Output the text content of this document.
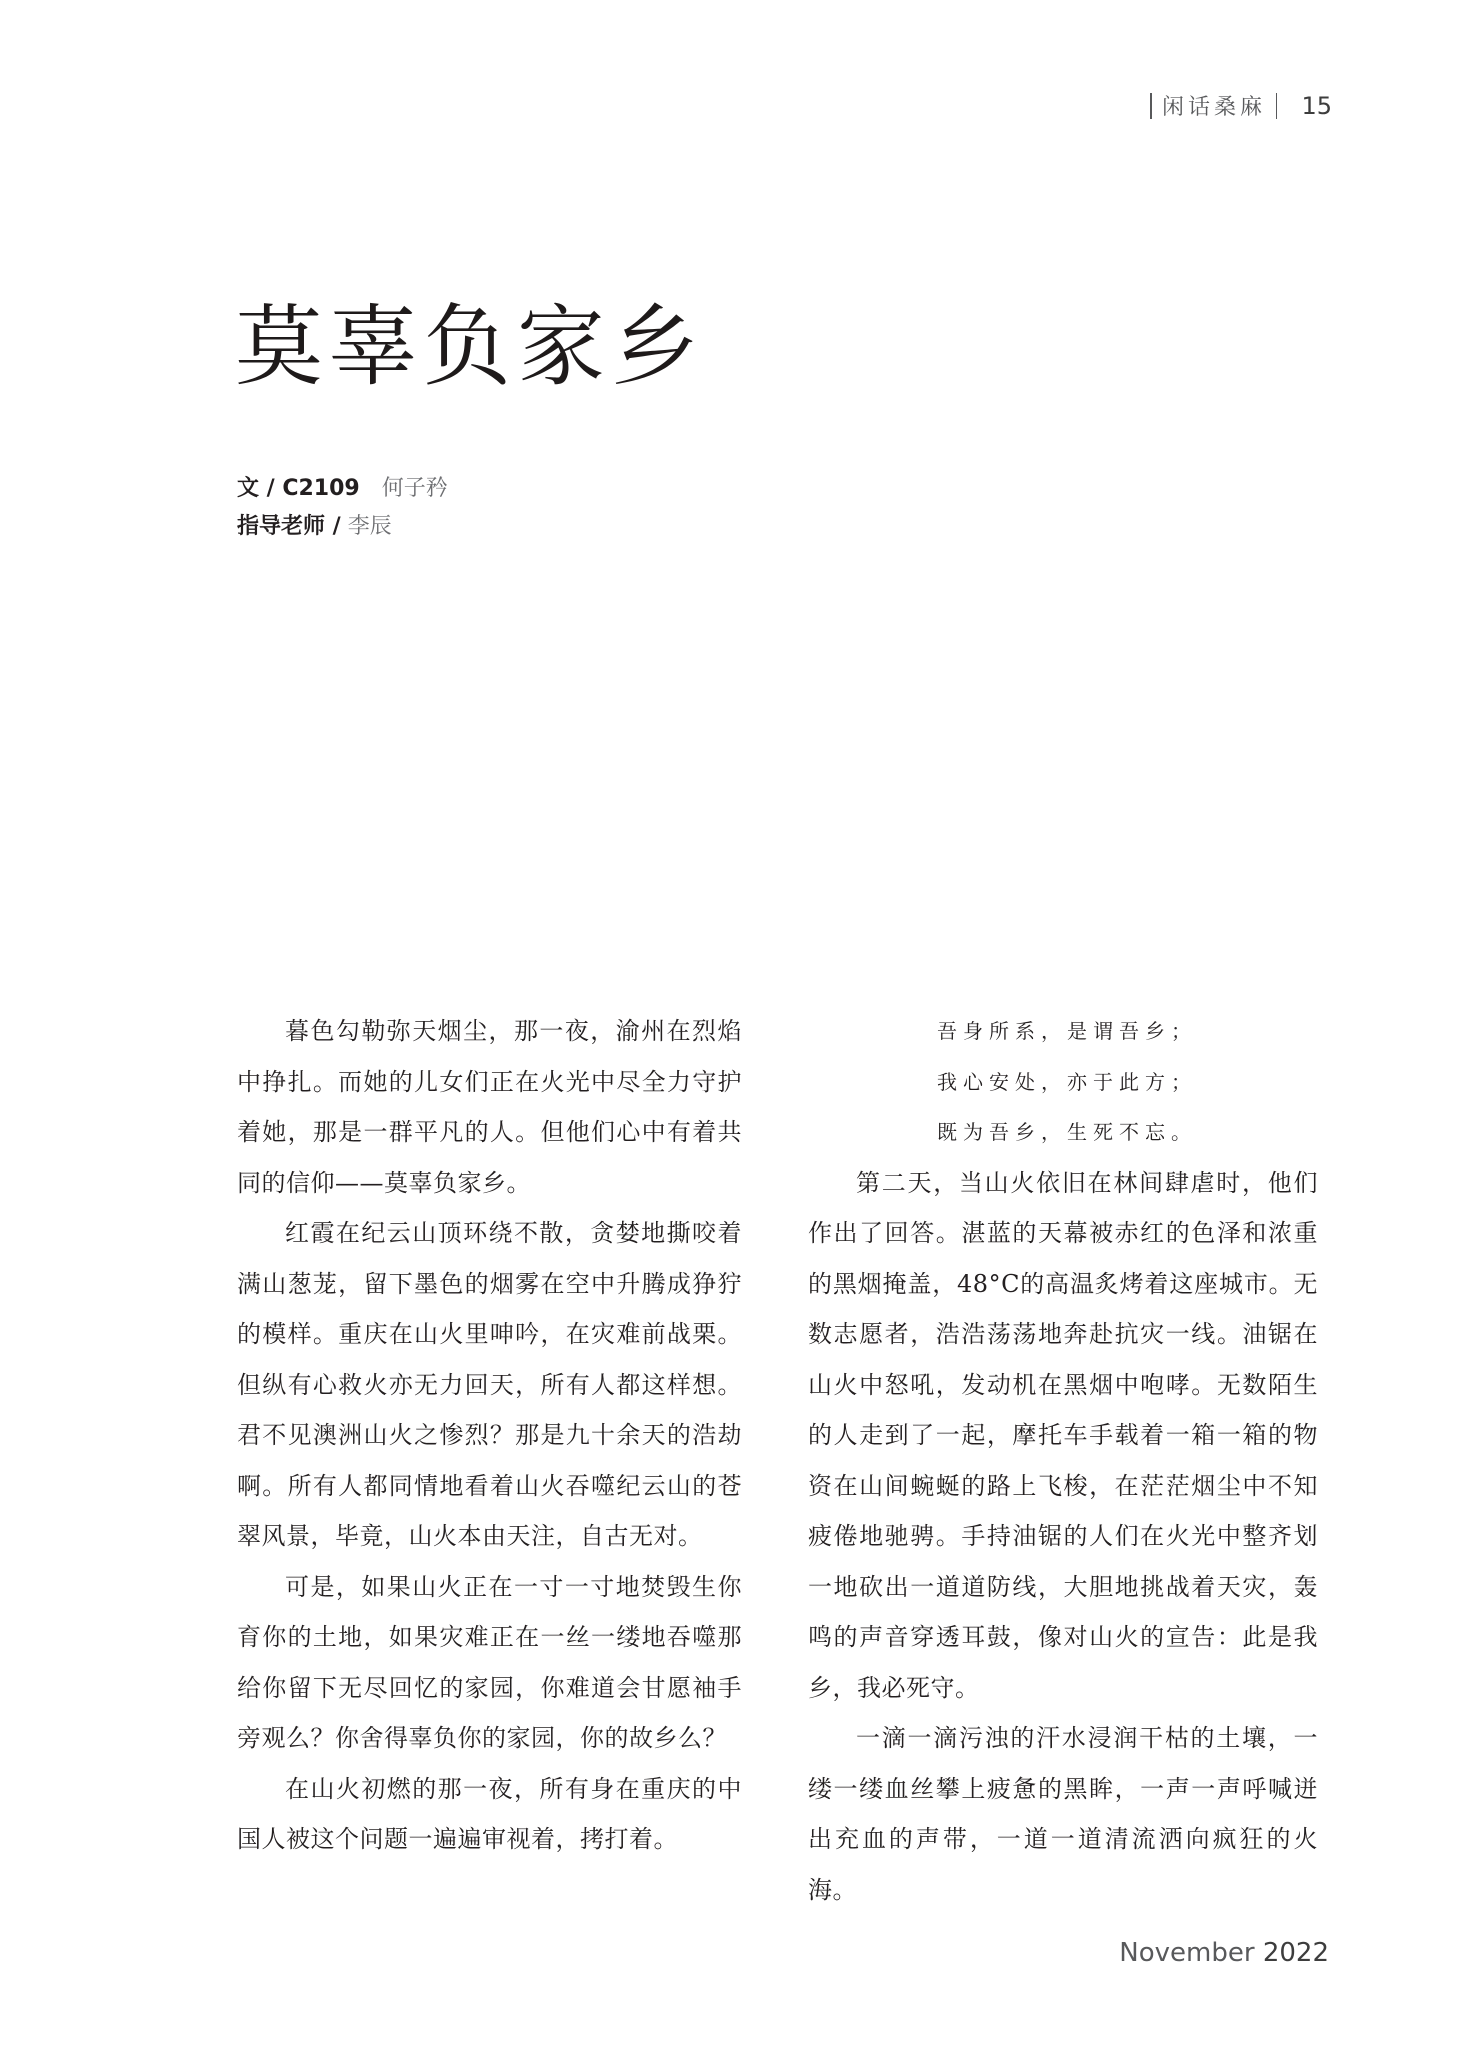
闲话桑麻 15
莫辜负家乡
文 / C2109 何子矜
指导老师 / 李辰

暮色勾勒弥天烟尘，那一夜，渝州在烈焰中挣扎。而她的儿女们正在火光中尽全力守护着她，那是一群平凡的人。但他们心中有着共同的信仰——莫辜负家乡。

红霞在纪云山顶环绕不散，贪婪地撕咬着满山葱茏，留下墨色的烟雾在空中升腾成狰狞的模样。重庆在山火里呻吟，在灾难前战栗。但纵有心救火亦无力回天，所有人都这样想。君不见澳洲山火之惨烈？那是九十余天的浩劫啊。所有人都同情地看着山火吞噬纪云山的苍翠风景，毕竟，山火本由天注，自古无对。

可是，如果山火正在一寸一寸地焚毁生你育你的土地，如果灾难正在一丝一缕地吞噬那给你留下无尽回忆的家园，你难道会甘愿袖手旁观么？你舍得辜负你的家园，你的故乡么？

在山火初燃的那一夜，所有身在重庆的中国人被这个问题一遍遍审视着，拷打着。

吾身所系，是谓吾乡；
我心安处，亦于此方；
既为吾乡，生死不忘。

第二天，当山火依旧在林间肆虐时，他们作出了回答。湛蓝的天幕被赤红的色泽和浓重的黑烟掩盖，48°C的高温炙烤着这座城市。无数志愿者，浩浩荡荡地奔赴抗灾一线。油锯在山火中怒吼，发动机在黑烟中咆哮。无数陌生的人走到了一起，摩托车手载着一箱一箱的物资在山间蜿蜒的路上飞梭，在茫茫烟尘中不知疲倦地驰骋。手持油锯的人们在火光中整齐划一地砍出一道道防线，大胆地挑战着天灾，轰鸣的声音穿透耳鼓，像对山火的宣告：此是我乡，我必死守。

一滴一滴污浊的汗水浸润干枯的土壤，一缕一缕血丝攀上疲惫的黑眸，一声一声呼喊迸出充血的声带，一道一道清流洒向疯狂的火海。

November 2022
